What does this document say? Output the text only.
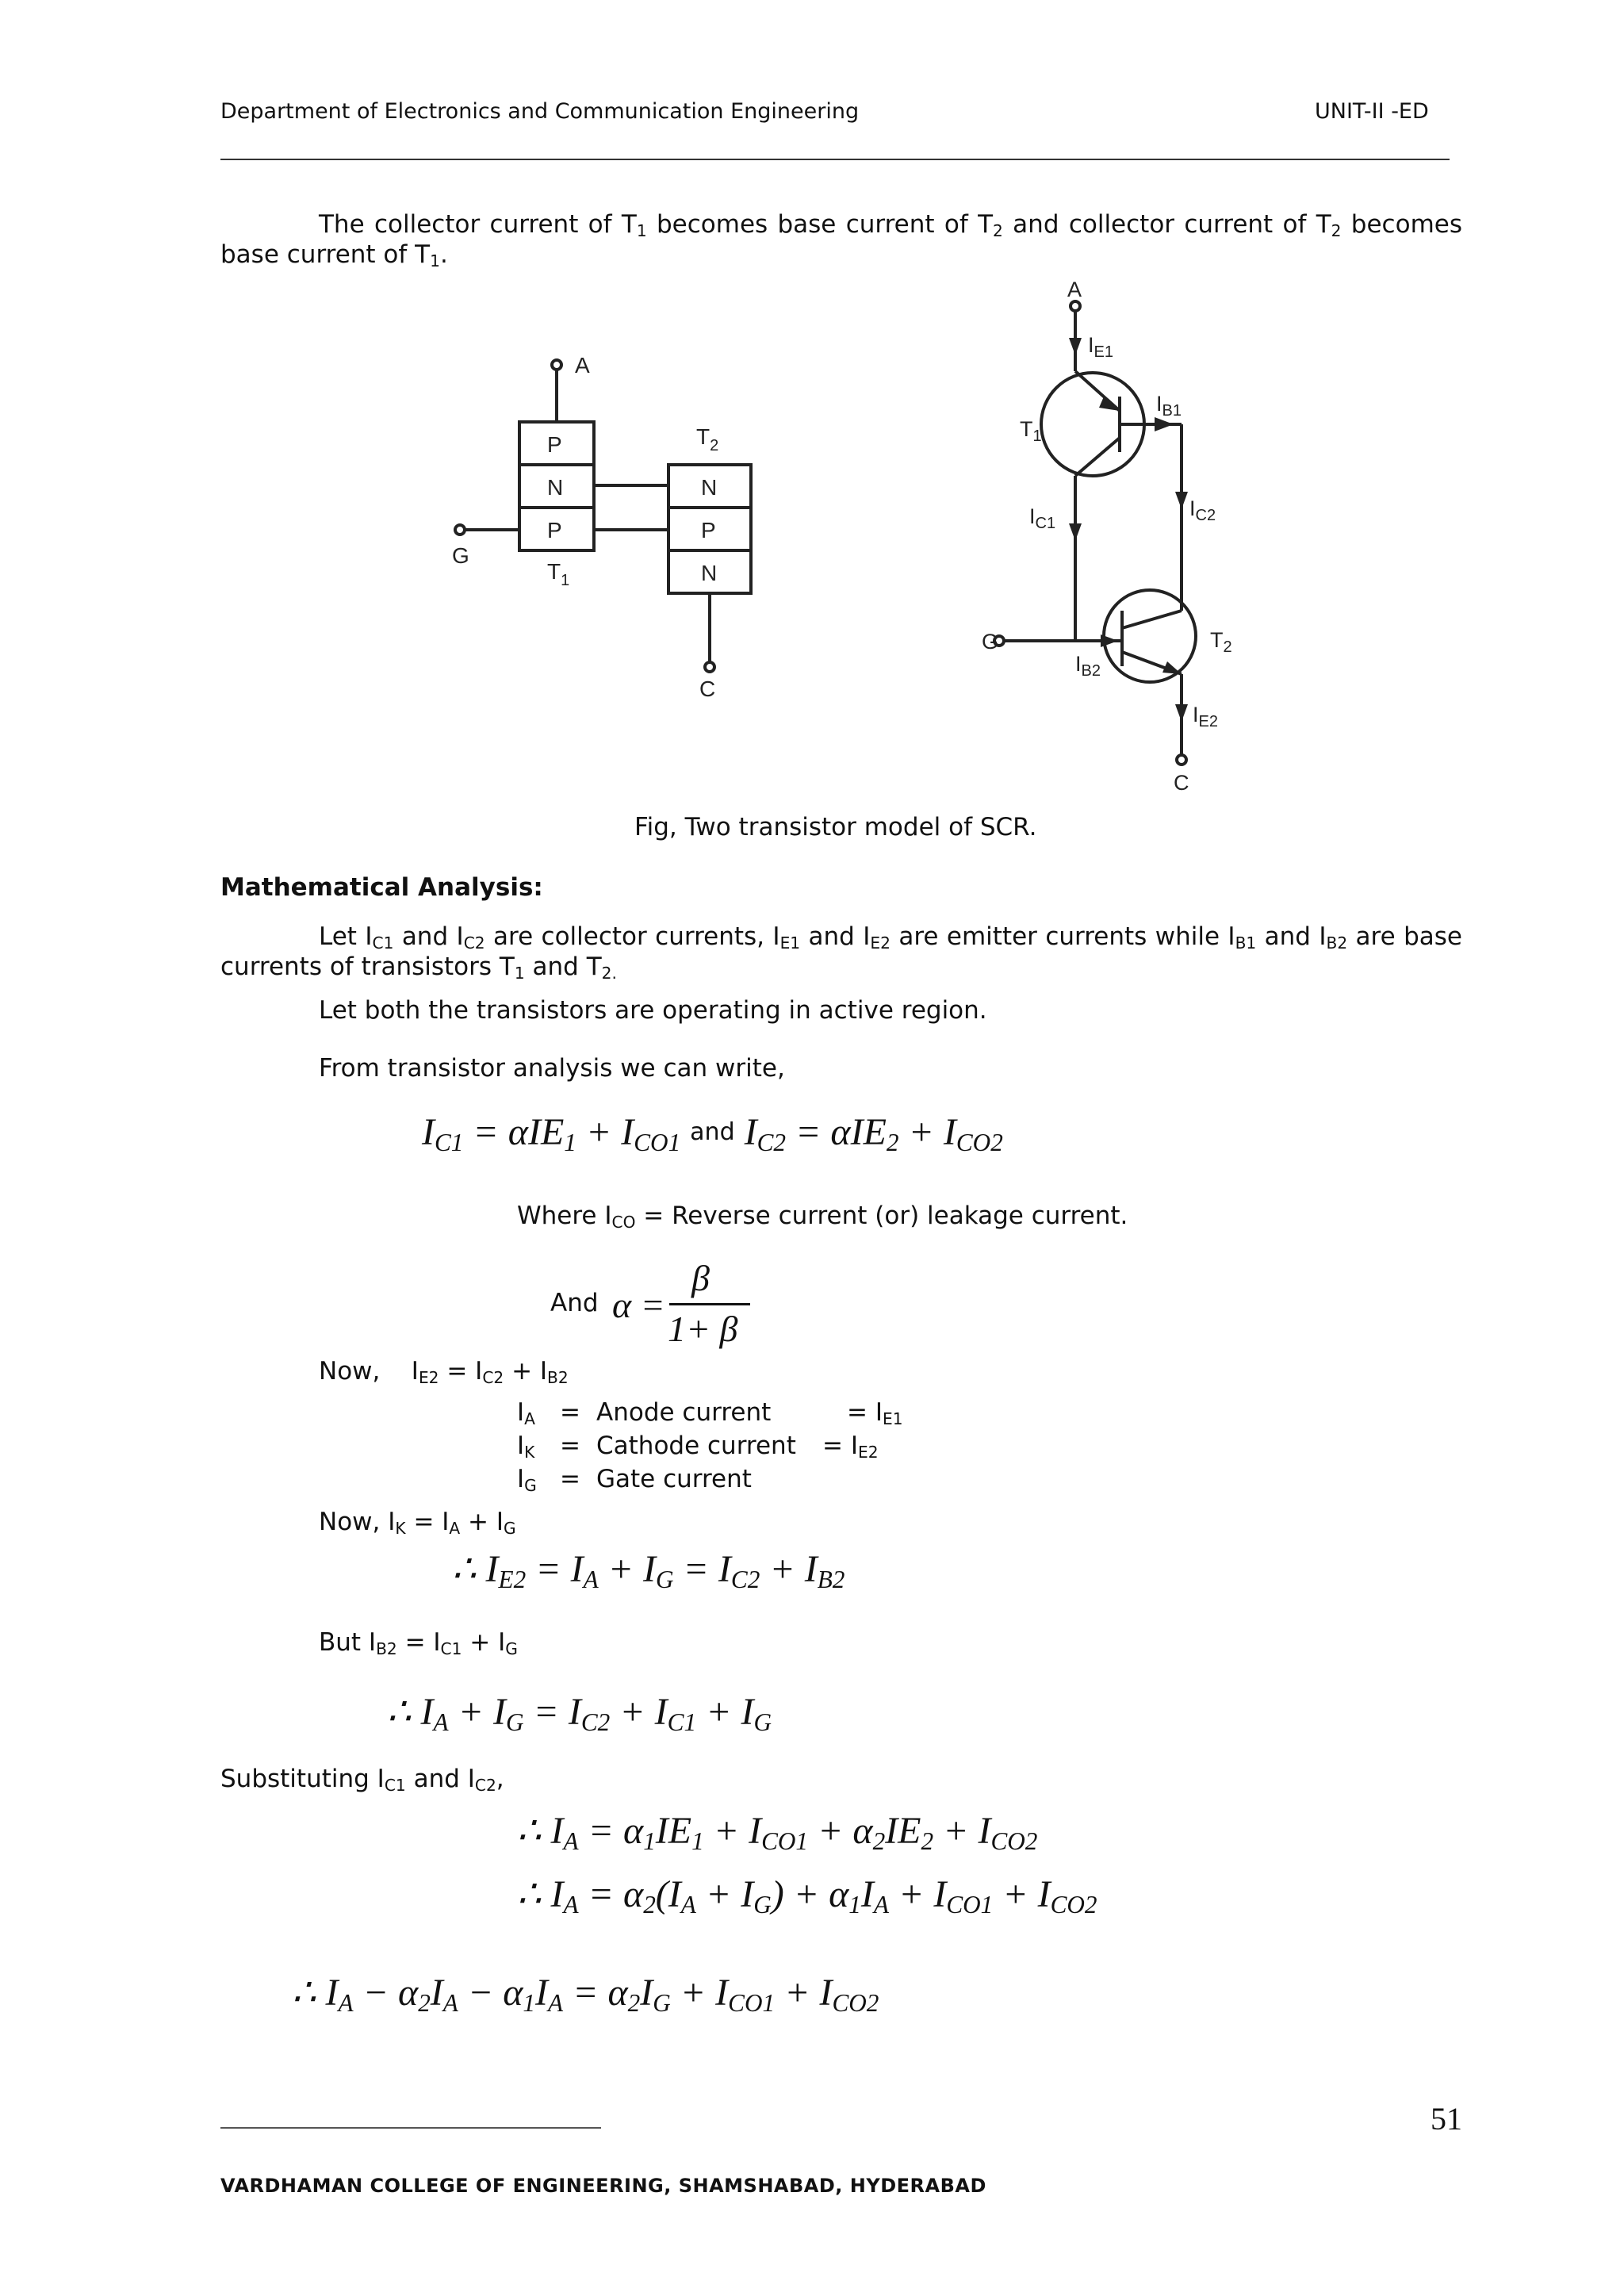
Department of Electronics and Communication Engineering	UNIT-II -ED
The collector current of $T_1$ becomes base current of $T_2$ and collector current of $T_2$ becomes base current of $T_1$.
A
P
N
P
N
P
N
G
C
$T_1$
$T_2$
A
$I_{E1}$
$I_{B1}$
$T_1$
$I_{C1}$
$I_{C2}$
G
$I_{B2}$
$T_2$
$I_{E2}$
C
Fig, Two transistor model of SCR.
Mathematical Analysis:
Let $I_{C1}$ and $I_{C2}$ are collector currents, $I_{E1}$ and $I_{E2}$ are emitter currents while $I_{B1}$ and $I_{B2}$ are base currents of transistors $T_1$ and $T_{2.}$
Let both the transistors are operating in active region.
From transistor analysis we can write,
$I_{C1} = \alpha IE_1 + I_{CO1}$ and $I_{C2} = \alpha IE_2 + I_{CO2}$
Where $I_{CO}$ = Reverse current (or) leakage current.
And α =
β
1+ β
Now, $I_{E2} = I_{C2} + I_{B2}$
$I_A$ = Anode current	= $I_{E1}$
$I_K$ = Cathode current = $I_{E2}$
$I_G$ = Gate current
Now, $I_K = I_A + I_G$
∴ $I_{E2} = I_A + I_G = I_{C2} + I_{B2}$
But $I_{B2} = I_{C1} + I_G$
∴ $I_A + I_G = I_{C2} + I_{C1} + I_G$
Substituting $I_{C1}$ and $I_{C2}$,
∴ $I_A = \alpha_1IE_1 + I_{CO1} + \alpha_2IE_2 + I_{CO2}$
∴ $I_A = \alpha_2(I_A + I_G) + \alpha_1I_A + I_{CO1} + I_{CO2}$
∴ $I_A - \alpha_2I_A - \alpha_1I_A = \alpha_2I_G + I_{CO1} + I_{CO2}$
51
VARDHAMAN COLLEGE OF ENGINEERING, SHAMSHABAD, HYDERABAD
